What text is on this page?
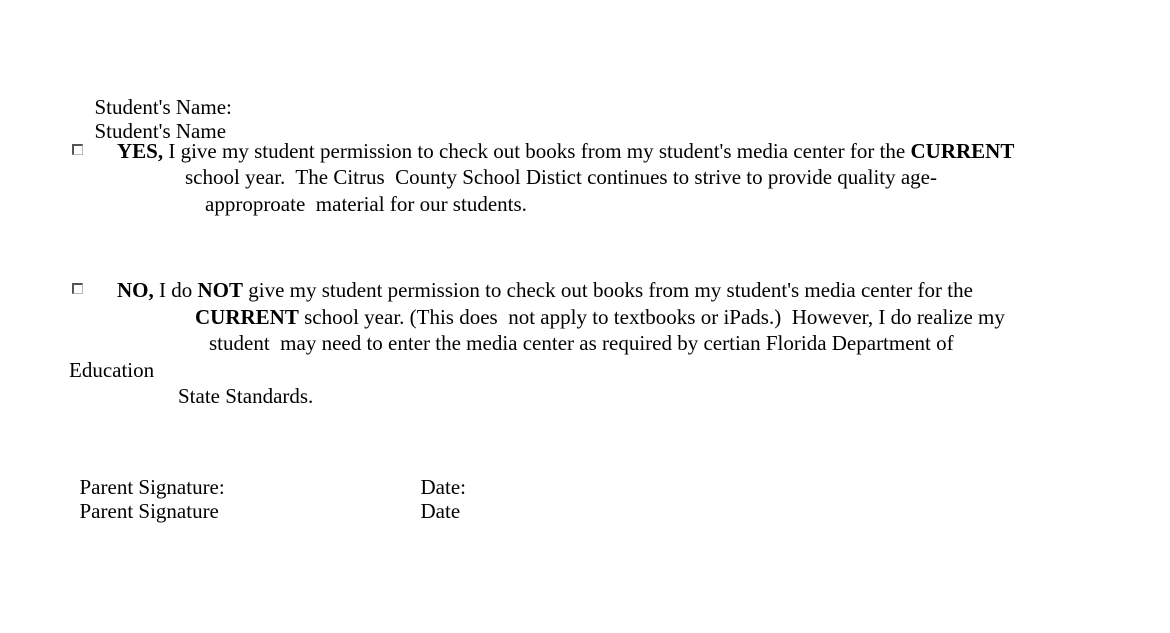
Student's Name:
Student's Name

YES, I give my student permission to check out books from my student's media center for the CURRENT
school year.  The Citrus  County School Distict continues to strive to provide quality age-
approproate  material for our students.
NO, I do NOT give my student permission to check out books from my student's media center for the
CURRENT school year. (This does  not apply to textbooks or iPads.)  However, I do realize my
student  may need to enter the media center as required by certian Florida Department of
Education
State Standards.

Parent Signature:
Parent Signature

Date:
Date
